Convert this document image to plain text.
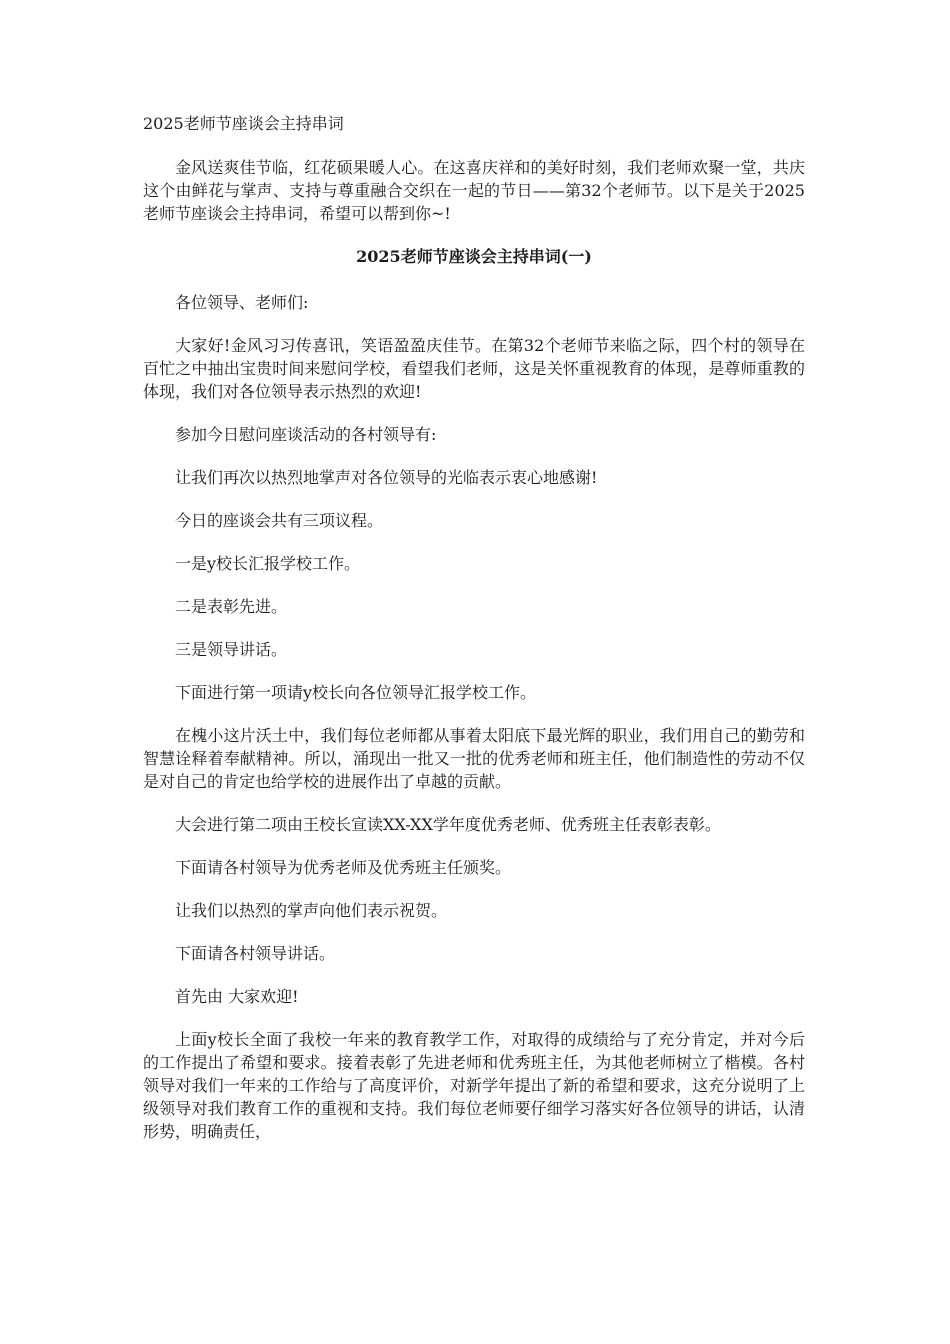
2025老师节座谈会主持串词

金风送爽佳节临，红花硕果暖人心。在这喜庆祥和的美好时刻，我们老师欢聚一堂，共庆这个由鲜花与掌声、支持与尊重融合交织在一起的节日——第32个老师节。以下是关于2025老师节座谈会主持串词，希望可以帮到你~!

2025老师节座谈会主持串词(一)

各位领导、老师们:

大家好!金风习习传喜讯，笑语盈盈庆佳节。在第32个老师节来临之际，四个村的领导在百忙之中抽出宝贵时间来慰问学校，看望我们老师，这是关怀重视教育的体现，是尊师重教的体现，我们对各位领导表示热烈的欢迎!

参加今日慰问座谈活动的各村领导有:

让我们再次以热烈地掌声对各位领导的光临表示衷心地感谢!

今日的座谈会共有三项议程。

一是y校长汇报学校工作。

二是表彰先进。

三是领导讲话。

下面进行第一项请y校长向各位领导汇报学校工作。

在槐小这片沃土中，我们每位老师都从事着太阳底下最光辉的职业，我们用自己的勤劳和智慧诠释着奉献精神。所以，涌现出一批又一批的优秀老师和班主任，他们制造性的劳动不仅是对自己的肯定也给学校的进展作出了卓越的贡献。

大会进行第二项由王校长宣读XX-XX学年度优秀老师、优秀班主任表彰表彰。

下面请各村领导为优秀老师及优秀班主任颁奖。

让我们以热烈的掌声向他们表示祝贺。

下面请各村领导讲话。

首先由 大家欢迎!

上面y校长全面了我校一年来的教育教学工作，对取得的成绩给与了充分肯定，并对今后的工作提出了希望和要求。接着表彰了先进老师和优秀班主任，为其他老师树立了楷模。各村领导对我们一年来的工作给与了高度评价，对新学年提出了新的希望和要求，这充分说明了上级领导对我们教育工作的重视和支持。我们每位老师要仔细学习落实好各位领导的讲话，认清形势，明确责任，
